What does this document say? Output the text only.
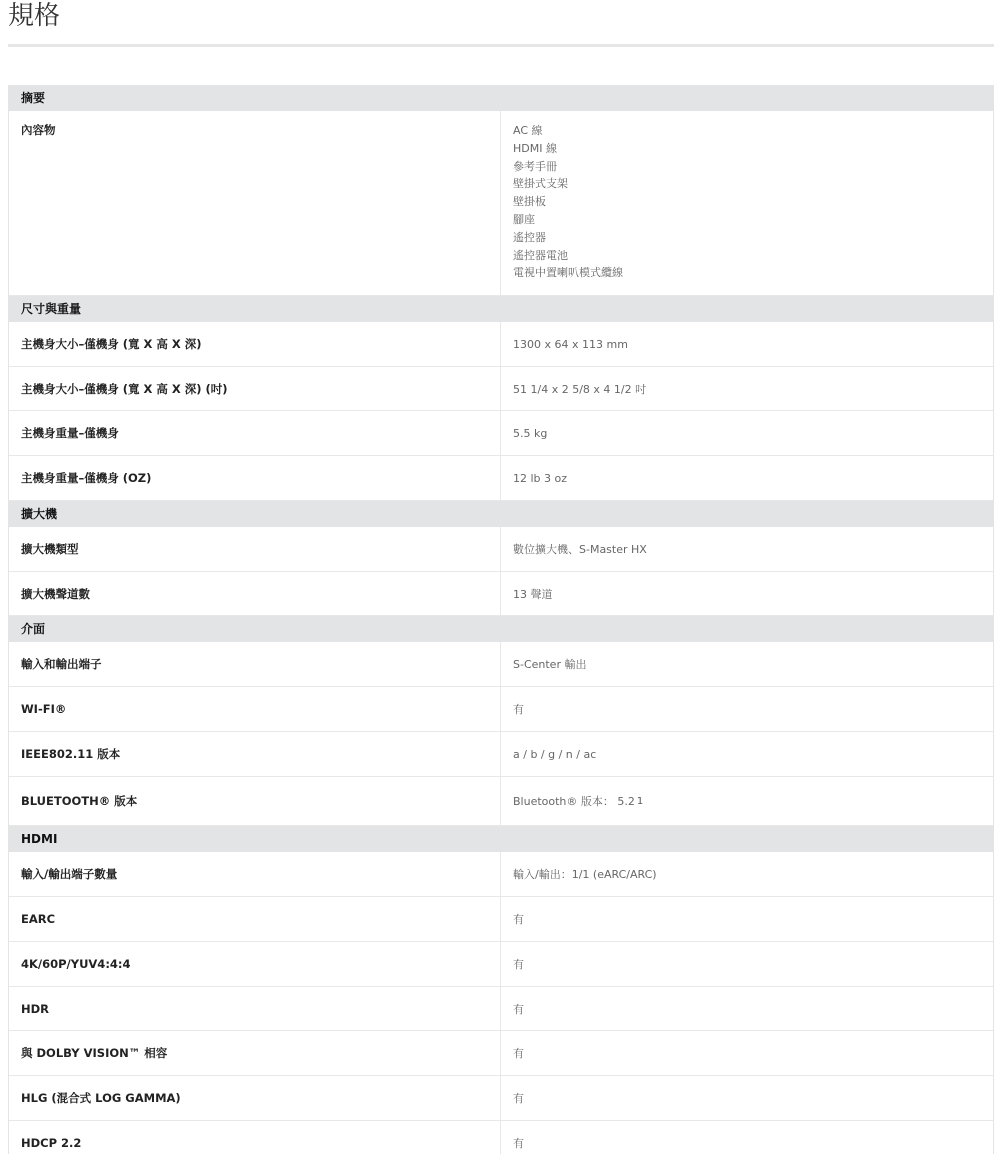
規格
摘要
內容物	AC 線
HDMI 線
參考手冊
壁掛式支架
壁掛板
腳座
遙控器
遙控器電池
電視中置喇叭模式纜線
尺寸與重量
主機身大小–僅機身 (寬 X 高 X 深)	1300 x 64 x 113 mm
主機身大小–僅機身 (寬 X 高 X 深) (吋)	51 1/4 x 2 5/8 x 4 1/2 吋
主機身重量–僅機身	5.5 kg
主機身重量–僅機身 (OZ)	12 lb 3 oz
擴大機
擴大機類型	數位擴大機、S-Master HX
擴大機聲道數	13 聲道
介面
輸入和輸出端子	S-Center 輸出
WI-FI®	有
IEEE802.11 版本	a / b / g / n / ac
BLUETOOTH® 版本	Bluetooth® 版本： 5.2 1
HDMI
輸入/輸出端子數量	輸入/輸出：1/1 (eARC/ARC)
EARC	有
4K/60P/YUV4:4:4	有
HDR	有
與 DOLBY VISION™ 相容	有
HLG (混合式 LOG GAMMA)	有
HDCP 2.2	有
